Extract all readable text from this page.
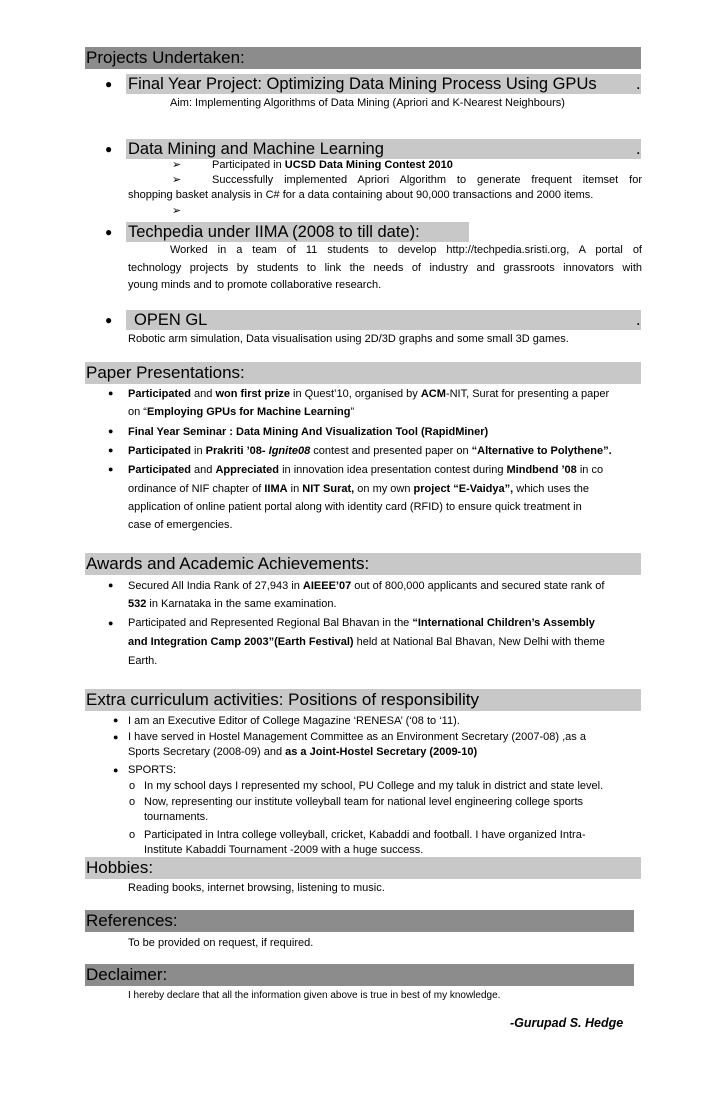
Projects Undertaken:
● Final Year Project: Optimizing Data Mining Process Using GPUs .
Aim: Implementing Algorithms of Data Mining (Apriori and K-Nearest Neighbours)
● Data Mining and Machine Learning	.
➢	Participated in UCSD Data Mining Contest 2010
➢	Successfully implemented Apriori Algorithm to generate frequent itemset for
shopping basket analysis in C# for a data containing about 90,000 transactions and 2000 items.
➢
● Techpedia under IIMA (2008 to till date):
Worked in a team of 11 students to develop http://techpedia.sristi.org, A portal of
technology projects by students to link the needs of industry and grassroots innovators with
young minds and to promote collaborative research.
● OPEN GL	.
Robotic arm simulation, Data visualisation using 2D/3D graphs and some small 3D games.
Paper Presentations:
● Participated and won first prize in Quest’10, organised by ACM-NIT, Surat for presenting a paper
on “Employing GPUs for Machine Learning”
● Final Year Seminar : Data Mining And Visualization Tool (RapidMiner)
● Participated in Prakriti ’08- Ignite08 contest and presented paper on “Alternative to Polythene”.
● Participated and Appreciated in innovation idea presentation contest during Mindbend ’08 in co
ordinance of NIF chapter of IIMA in NIT Surat, on my own project “E-Vaidya”, which uses the
application of online patient portal along with identity card (RFID) to ensure quick treatment in
case of emergencies.
Awards and Academic Achievements:
● Secured All India Rank of 27,943 in AIEEE’07 out of 800,000 applicants and secured state rank of
532 in Karnataka in the same examination.
● Participated and Represented Regional Bal Bhavan in the “International Children’s Assembly
and Integration Camp 2003”(Earth Festival) held at National Bal Bhavan, New Delhi with theme
Earth.
Extra curriculum activities: Positions of responsibility
● I am an Executive Editor of College Magazine ‘RENESA’ (‘08 to ‘11).
● I have served in Hostel Management Committee as an Environment Secretary (2007-08) ,as a
Sports Secretary (2008-09) and as a Joint-Hostel Secretary (2009-10)
● SPORTS:
o In my school days I represented my school, PU College and my taluk in district and state level.
o Now, representing our institute volleyball team for national level engineering college sports
tournaments.
o Participated in Intra college volleyball, cricket, Kabaddi and football. I have organized Intra-
Institute Kabaddi Tournament -2009 with a huge success.
Hobbies:
Reading books, internet browsing, listening to music.
References:
To be provided on request, if required.
Declaimer:
I hereby declare that all the information given above is true in best of my knowledge.
-Gurupad S. Hedge
